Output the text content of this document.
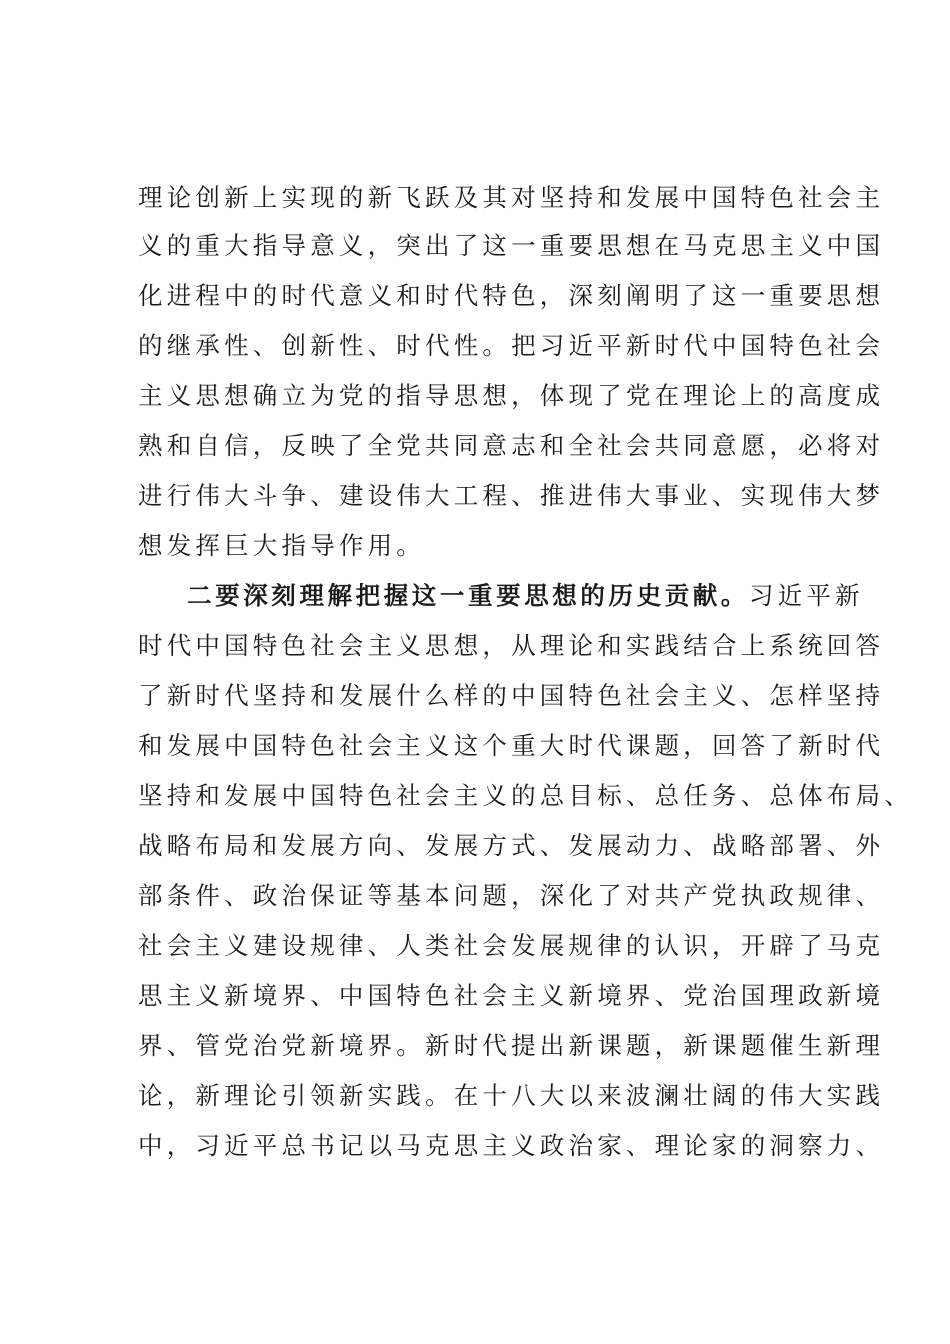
理论创新上实现的新飞跃及其对坚持和发展中国特色社会主

义的重大指导意义，突出了这一重要思想在马克思主义中国

化进程中的时代意义和时代特色，深刻阐明了这一重要思想

的继承性、创新性、时代性。把习近平新时代中国特色社会

主义思想确立为党的指导思想，体现了党在理论上的高度成

熟和自信，反映了全党共同意志和全社会共同意愿，必将对

进行伟大斗争、建设伟大工程、推进伟大事业、实现伟大梦

想发挥巨大指导作用。

二要深刻理解把握这一重要思想的历史贡献。习近平新

时代中国特色社会主义思想，从理论和实践结合上系统回答

了新时代坚持和发展什么样的中国特色社会主义、怎样坚持

和发展中国特色社会主义这个重大时代课题，回答了新时代

坚持和发展中国特色社会主义的总目标、总任务、总体布局、

战略布局和发展方向、发展方式、发展动力、战略部署、外

部条件、政治保证等基本问题，深化了对共产党执政规律、

社会主义建设规律、人类社会发展规律的认识，开辟了马克

思主义新境界、中国特色社会主义新境界、党治国理政新境

界、管党治党新境界。新时代提出新课题，新课题催生新理

论，新理论引领新实践。在十八大以来波澜壮阔的伟大实践

中，习近平总书记以马克思主义政治家、理论家的洞察力、
